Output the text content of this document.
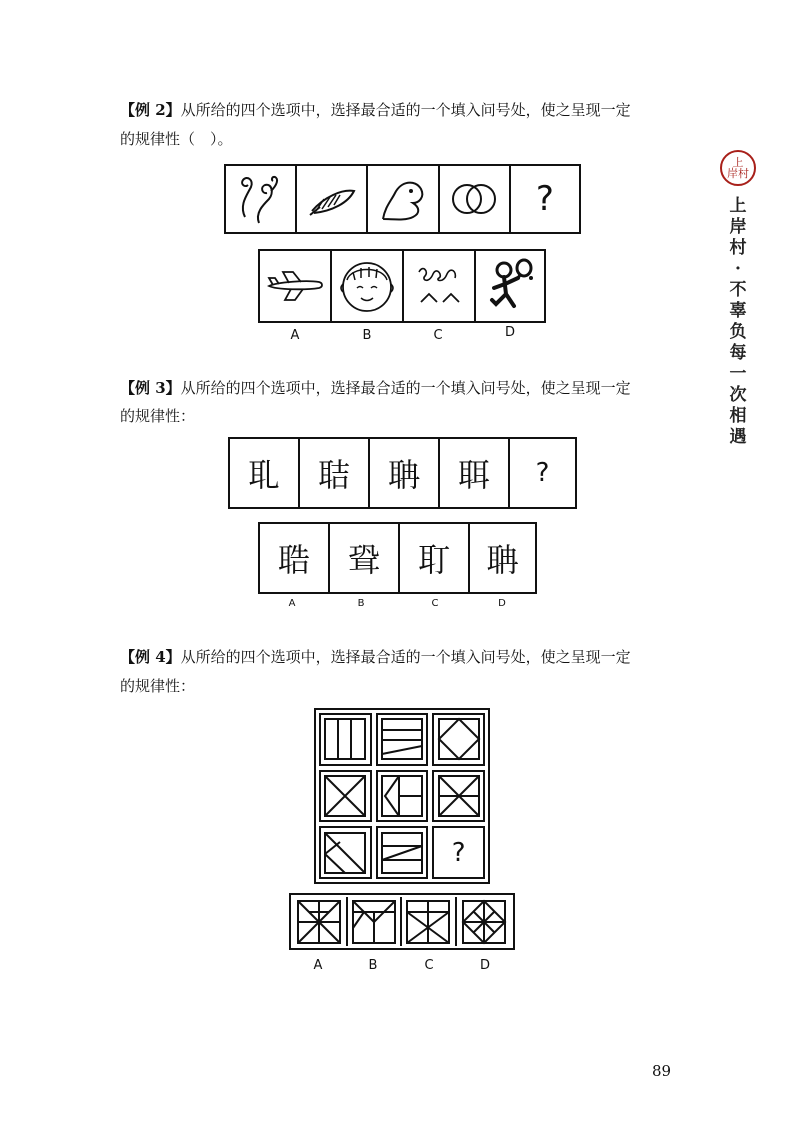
【例 2】从所给的四个选项中，选择最合适的一个填入问号处，使之呈现一定
的规律性（　）。
?
A	B	C	D
【例 3】从所给的四个选项中，选择最合适的一个填入问号处，使之呈现一定
的规律性：
耴 聐 聃 聑 ?
聕 聓 耵 聃
A	B	C	D
【例 4】从所给的四个选项中，选择最合适的一个填入问号处，使之呈现一定
的规律性：
?
A	B	C	D
上
岸村
上
岸
村
·
不
辜
负
每
一
次
相
遇
89
